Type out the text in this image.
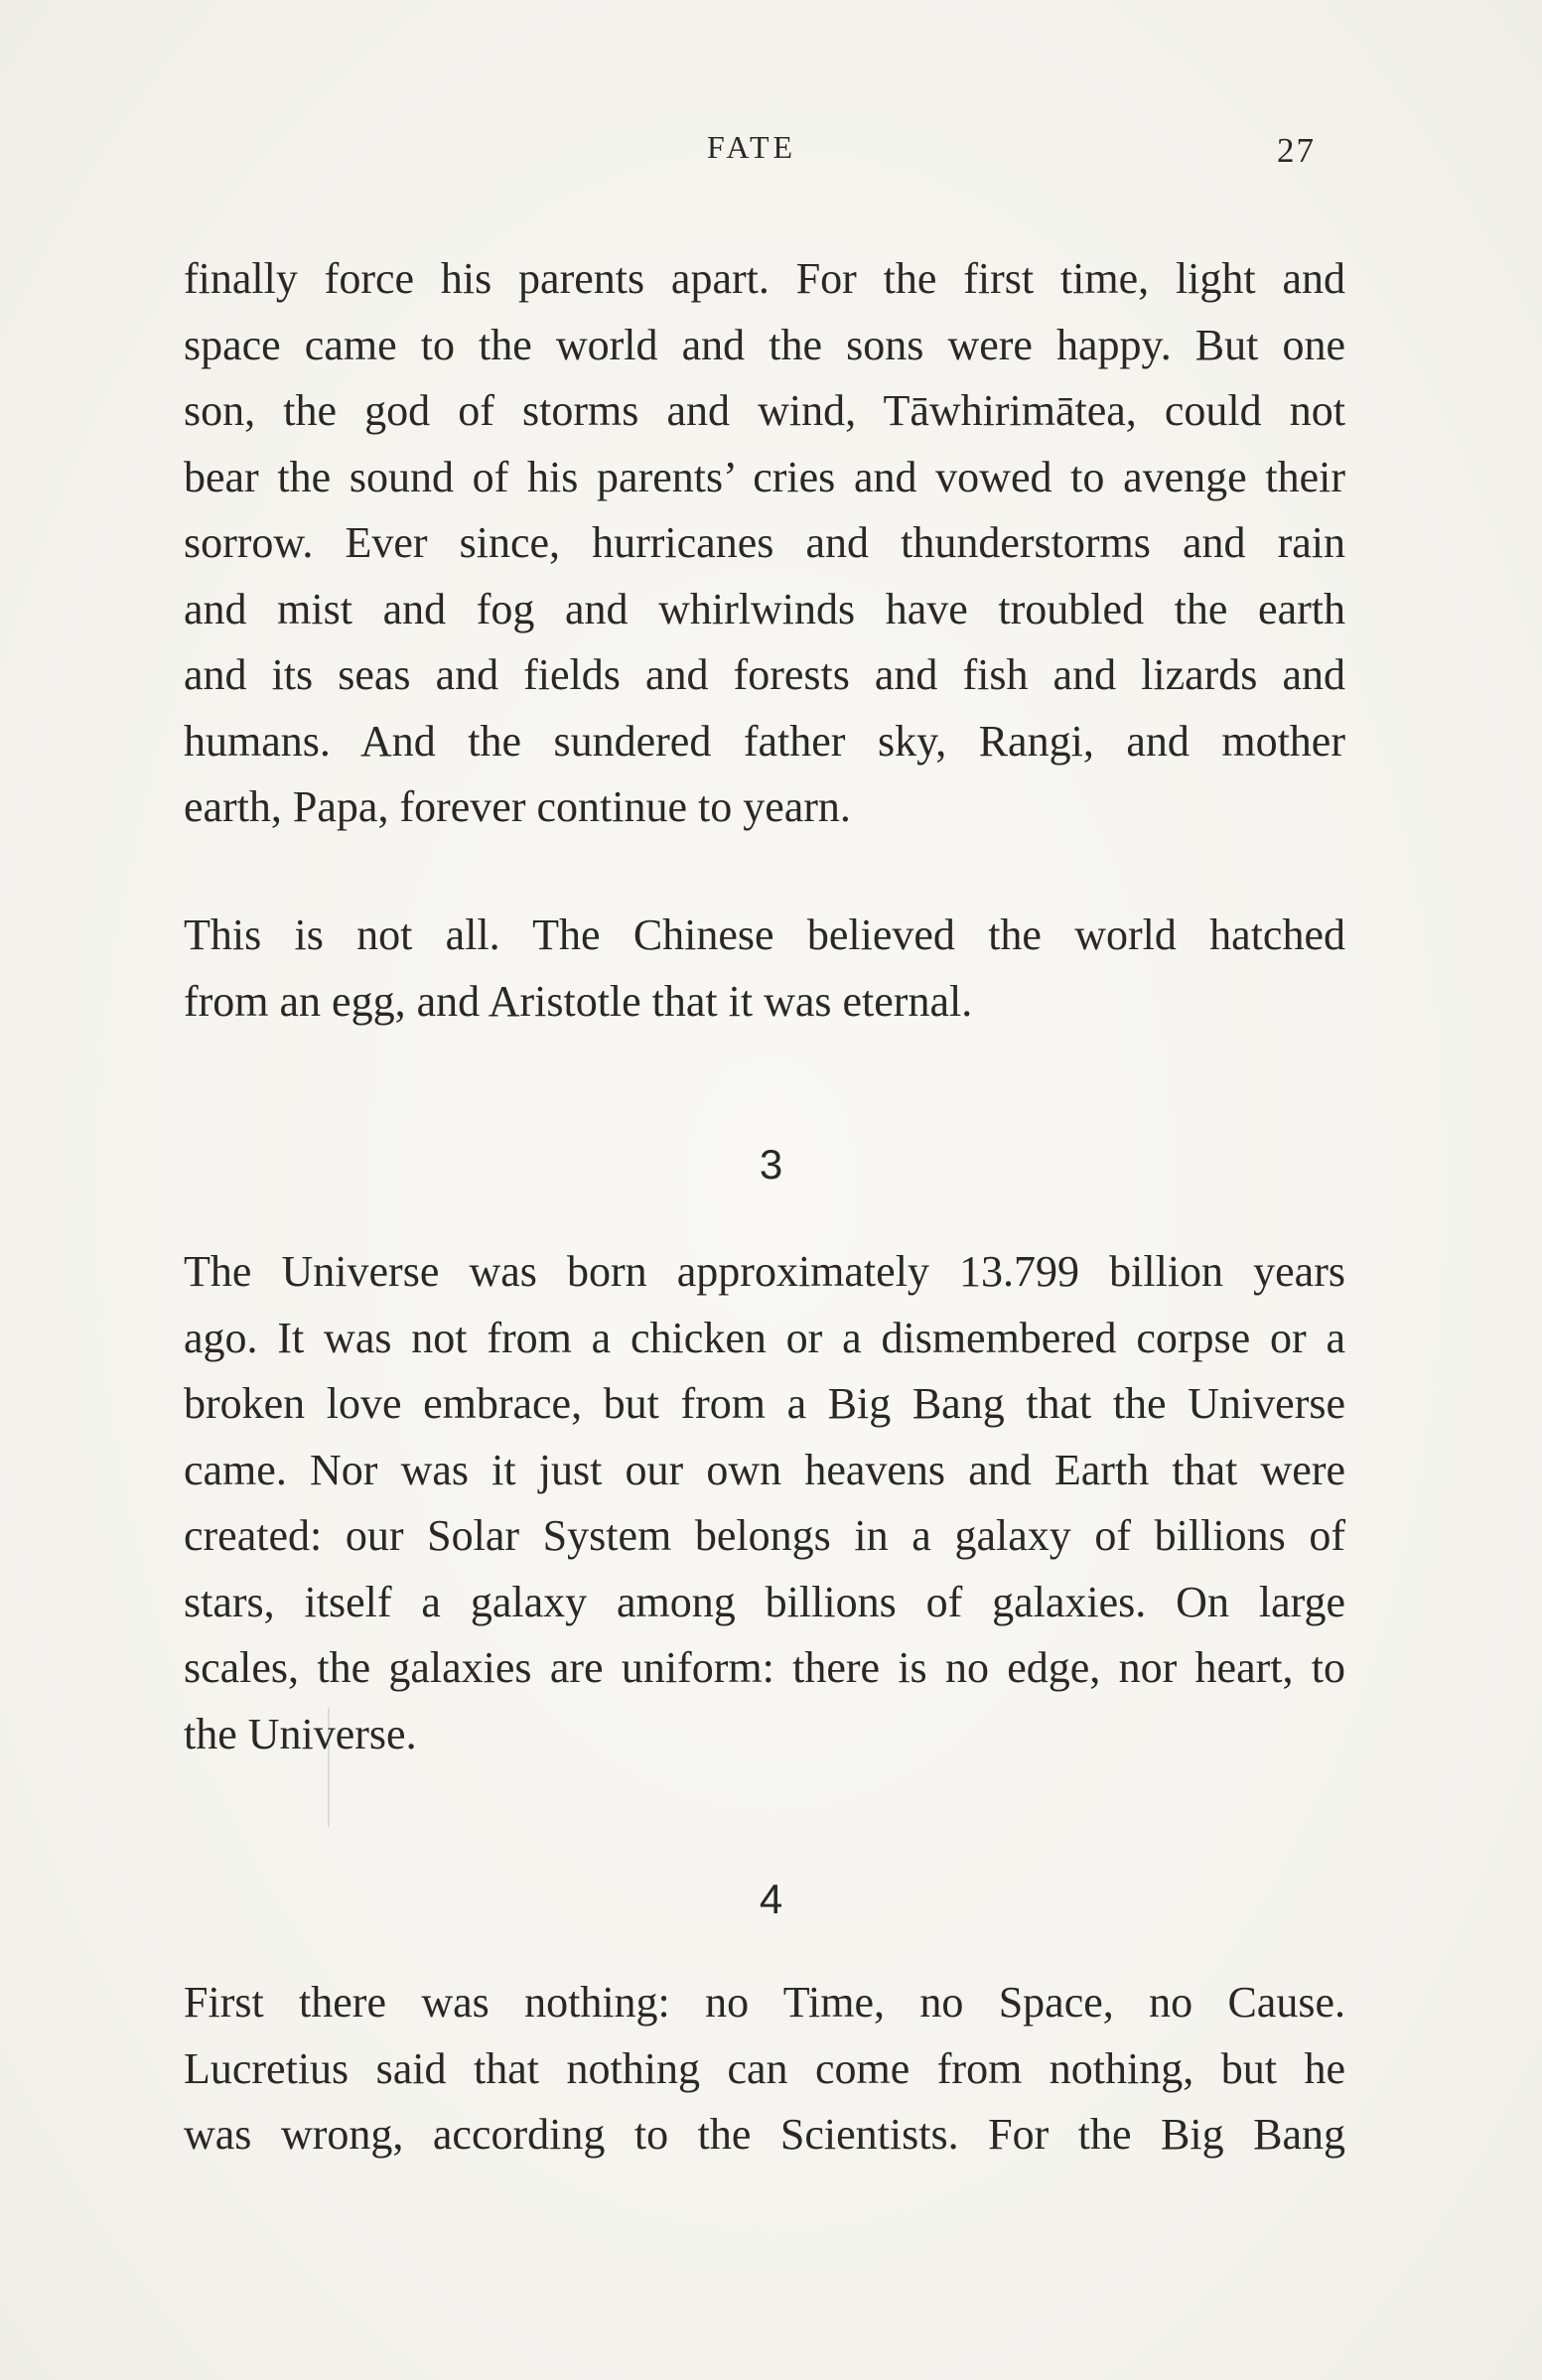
FATE	27
finally force his parents apart. For the first time, light and
space came to the world and the sons were happy. But one
son, the god of storms and wind, Tāwhirimātea, could not
bear the sound of his parents’ cries and vowed to avenge their
sorrow. Ever since, hurricanes and thunderstorms and rain
and mist and fog and whirlwinds have troubled the earth
and its seas and fields and forests and fish and lizards and
humans. And the sundered father sky, Rangi, and mother
earth, Papa, forever continue to yearn.
This is not all. The Chinese believed the world hatched
from an egg, and Aristotle that it was eternal.
3
The Universe was born approximately 13.799 billion years
ago. It was not from a chicken or a dismembered corpse or a
broken love embrace, but from a Big Bang that the Universe
came. Nor was it just our own heavens and Earth that were
created: our Solar System belongs in a galaxy of billions of
stars, itself a galaxy among billions of galaxies. On large
scales, the galaxies are uniform: there is no edge, nor heart, to
the Universe.
4
First there was nothing: no Time, no Space, no Cause.
Lucretius said that nothing can come from nothing, but he
was wrong, according to the Scientists. For the Big Bang
